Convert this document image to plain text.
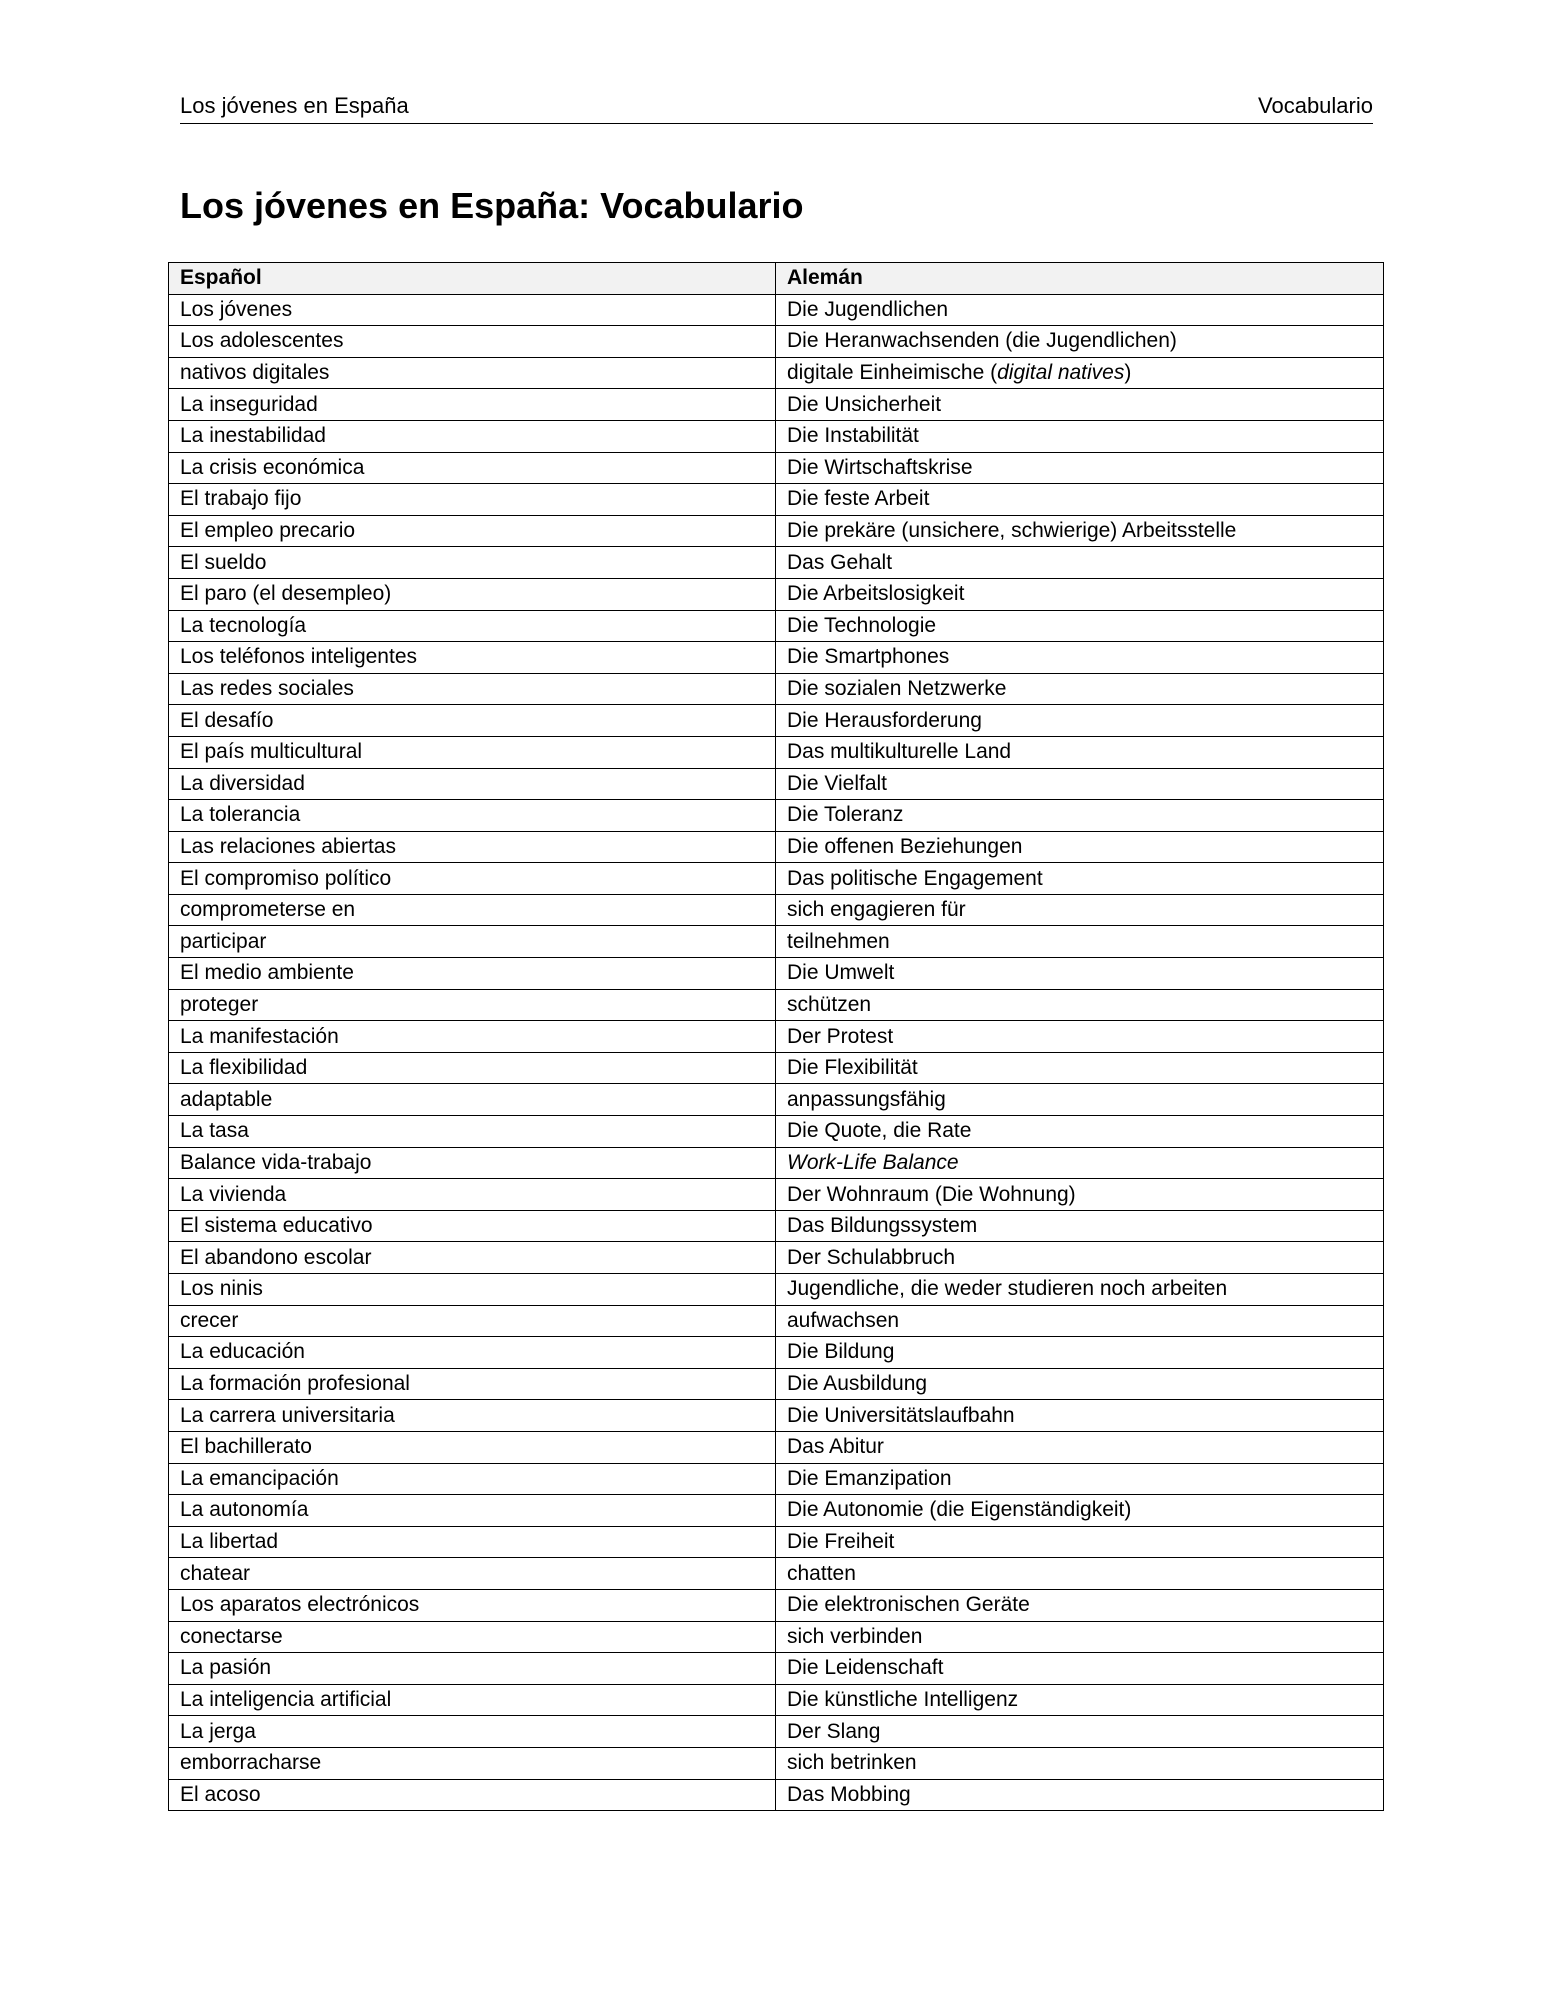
Los jóvenes en España	Vocabulario
Los jóvenes en España: Vocabulario
Español	Alemán
Los jóvenes	Die Jugendlichen
Los adolescentes	Die Heranwachsenden (die Jugendlichen)
nativos digitales	digitale Einheimische (digital natives)
La inseguridad	Die Unsicherheit
La inestabilidad	Die Instabilität
La crisis económica	Die Wirtschaftskrise
El trabajo fijo	Die feste Arbeit
El empleo precario	Die prekäre (unsichere, schwierige) Arbeitsstelle
El sueldo	Das Gehalt
El paro (el desempleo)	Die Arbeitslosigkeit
La tecnología	Die Technologie
Los teléfonos inteligentes	Die Smartphones
Las redes sociales	Die sozialen Netzwerke
El desafío	Die Herausforderung
El país multicultural	Das multikulturelle Land
La diversidad	Die Vielfalt
La tolerancia	Die Toleranz
Las relaciones abiertas	Die offenen Beziehungen
El compromiso político	Das politische Engagement
comprometerse en	sich engagieren für
participar	teilnehmen
El medio ambiente	Die Umwelt
proteger	schützen
La manifestación	Der Protest
La flexibilidad	Die Flexibilität
adaptable	anpassungsfähig
La tasa	Die Quote, die Rate
Balance vida-trabajo	Work-Life Balance
La vivienda	Der Wohnraum (Die Wohnung)
El sistema educativo	Das Bildungssystem
El abandono escolar	Der Schulabbruch
Los ninis	Jugendliche, die weder studieren noch arbeiten
crecer	aufwachsen
La educación	Die Bildung
La formación profesional	Die Ausbildung
La carrera universitaria	Die Universitätslaufbahn
El bachillerato	Das Abitur
La emancipación	Die Emanzipation
La autonomía	Die Autonomie (die Eigenständigkeit)
La libertad	Die Freiheit
chatear	chatten
Los aparatos electrónicos	Die elektronischen Geräte
conectarse	sich verbinden
La pasión	Die Leidenschaft
La inteligencia artificial	Die künstliche Intelligenz
La jerga	Der Slang
emborracharse	sich betrinken
El acoso	Das Mobbing
